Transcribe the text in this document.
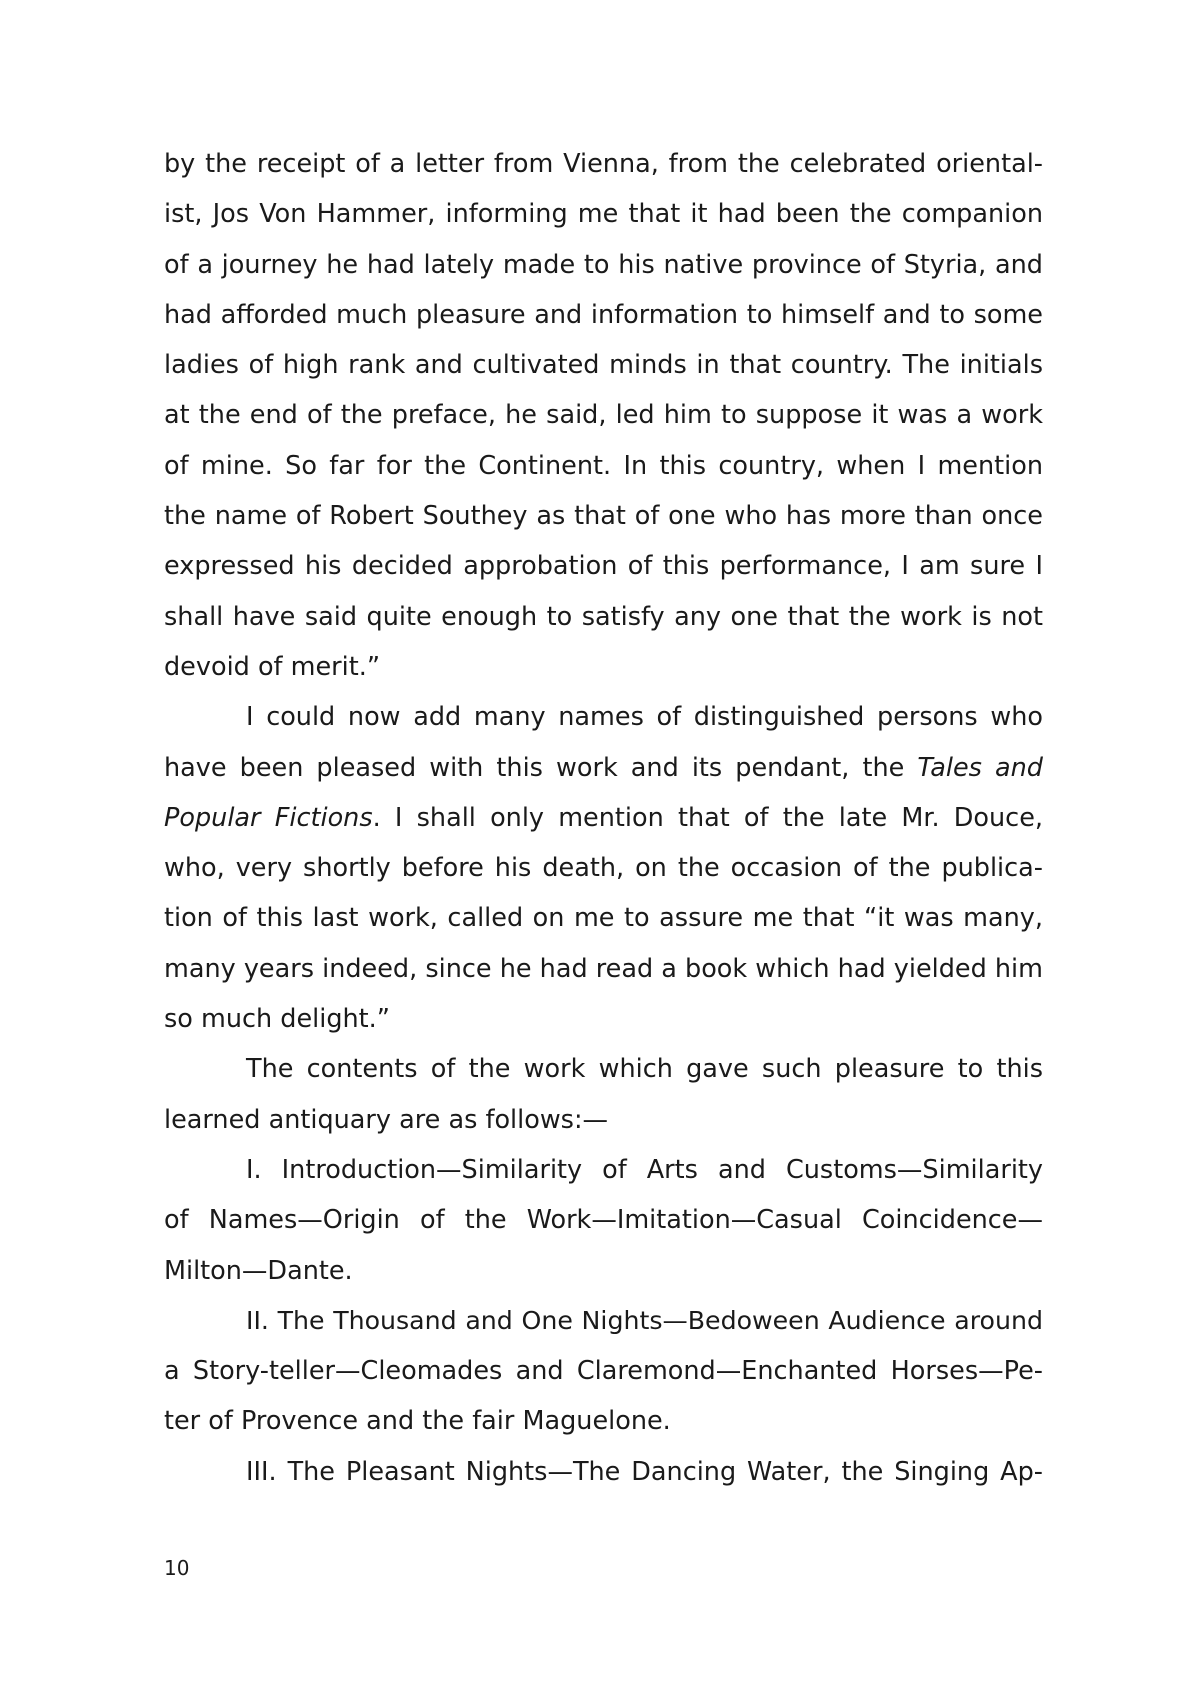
by the receipt of a letter from Vienna, from the celebrated oriental-
ist, Jos Von Hammer, informing me that it had been the companion
of a journey he had lately made to his native province of Styria, and
had afforded much pleasure and information to himself and to some
ladies of high rank and cultivated minds in that country. The initials
at the end of the preface, he said, led him to suppose it was a work
of mine. So far for the Continent. In this country, when I mention
the name of Robert Southey as that of one who has more than once
expressed his decided approbation of this performance, I am sure I
shall have said quite enough to satisfy any one that the work is not
devoid of merit.”
I could now add many names of distinguished persons who
have been pleased with this work and its pendant, the Tales and
Popular Fictions. I shall only mention that of the late Mr. Douce,
who, very shortly before his death, on the occasion of the publica-
tion of this last work, called on me to assure me that “it was many,
many years indeed, since he had read a book which had yielded him
so much delight.”
The contents of the work which gave such pleasure to this
learned antiquary are as follows:—
I. Introduction—Similarity of Arts and Customs—Similarity
of Names—Origin of the Work—Imitation—Casual Coincidence—
Milton—Dante.
II. The Thousand and One Nights—Bedoween Audience around
a Story-teller—Cleomades and Claremond—Enchanted Horses—Pe-
ter of Provence and the fair Maguelone.
III. The Pleasant Nights—The Dancing Water, the Singing Ap-
10
